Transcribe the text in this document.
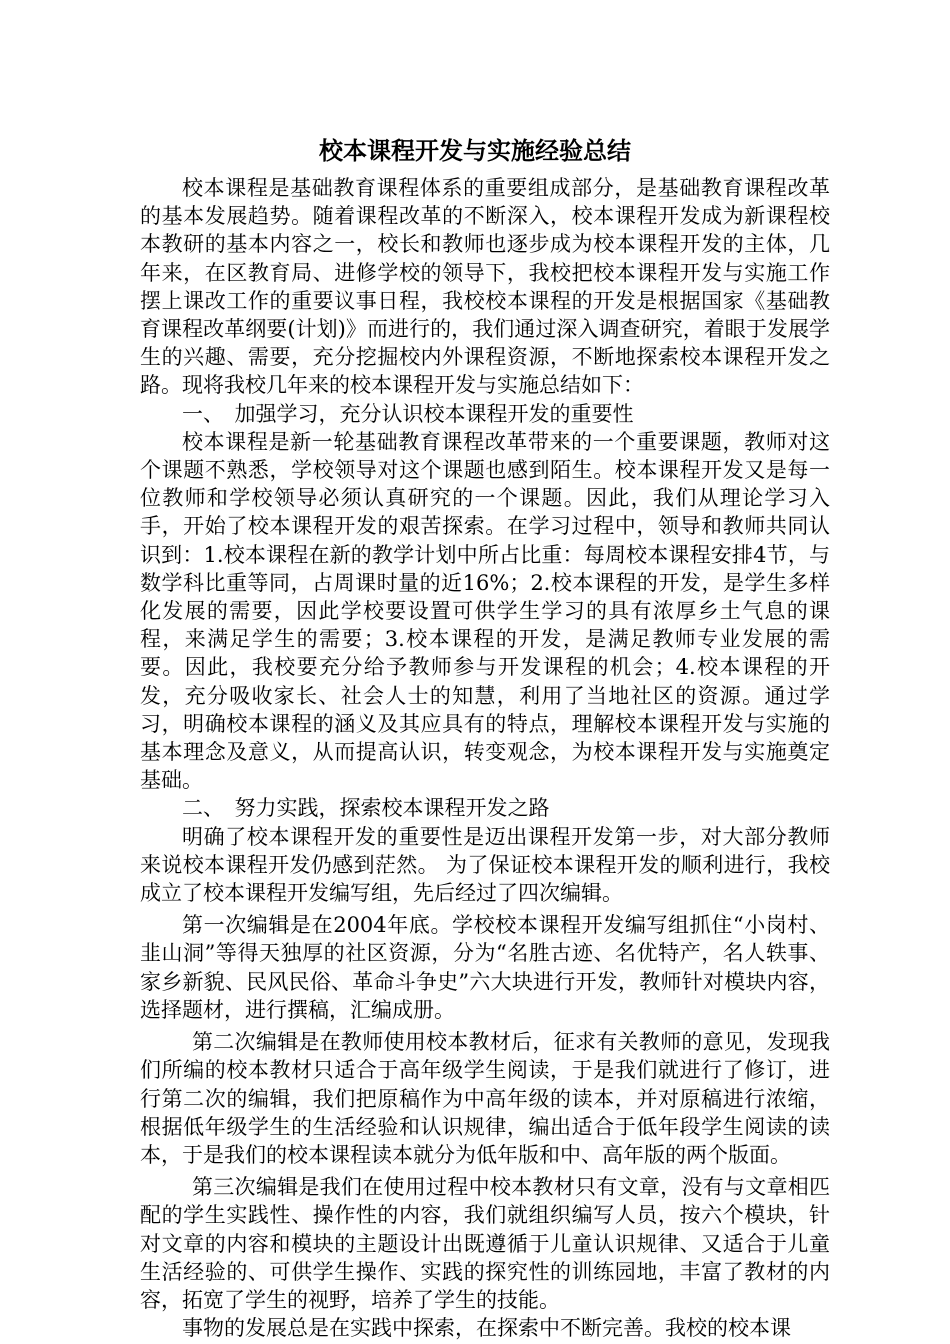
校本课程开发与实施经验总结

校本课程是基础教育课程体系的重要组成部分，是基础教育课程改革的基本发展趋势。随着课程改革的不断深入，校本课程开发成为新课程校本教研的基本内容之一，校长和教师也逐步成为校本课程开发的主体，几年来，在区教育局、进修学校的领导下，我校把校本课程开发与实施工作摆上课改工作的重要议事日程，我校校本课程的开发是根据国家《基础教育课程改革纲要(计划)》而进行的，我们通过深入调查研究，着眼于发展学生的兴趣、需要，充分挖掘校内外课程资源，不断地探索校本课程开发之路。现将我校几年来的校本课程开发与实施总结如下：

一、　加强学习，充分认识校本课程开发的重要性

校本课程是新一轮基础教育课程改革带来的一个重要课题，教师对这个课题不熟悉，学校领导对这个课题也感到陌生。校本课程开发又是每一位教师和学校领导必须认真研究的一个课题。因此，我们从理论学习入手，开始了校本课程开发的艰苦探索。在学习过程中，领导和教师共同认识到：1.校本课程在新的教学计划中所占比重：每周校本课程安排4节，与数学科比重等同，占周课时量的近16%；2.校本课程的开发，是学生多样化发展的需要，因此学校要设置可供学生学习的具有浓厚乡土气息的课程，来满足学生的需要；3.校本课程的开发，是满足教师专业发展的需要。因此，我校要充分给予教师参与开发课程的机会；4.校本课程的开发，充分吸收家长、社会人士的知慧，利用了当地社区的资源。通过学习，明确校本课程的涵义及其应具有的特点，理解校本课程开发与实施的基本理念及意义，从而提高认识，转变观念，为校本课程开发与实施奠定基础。

二、　努力实践，探索校本课程开发之路

明确了校本课程开发的重要性是迈出课程开发第一步，对大部分教师来说校本课程开发仍感到茫然。 为了保证校本课程开发的顺利进行，我校成立了校本课程开发编写组，先后经过了四次编辑。

第一次编辑是在2004年底。学校校本课程开发编写组抓住“小岗村、韭山洞”等得天独厚的社区资源，分为“名胜古迹、名优特产，名人轶事、家乡新貌、民风民俗、革命斗争史”六大块进行开发，教师针对模块内容，选择题材，进行撰稿，汇编成册。

第二次编辑是在教师使用校本教材后，征求有关教师的意见，发现我们所编的校本教材只适合于高年级学生阅读，于是我们就进行了修订，进行第二次的编辑，我们把原稿作为中高年级的读本，并对原稿进行浓缩，根据低年级学生的生活经验和认识规律，编出适合于低年段学生阅读的读本，于是我们的校本课程读本就分为低年版和中、高年版的两个版面。

第三次编辑是我们在使用过程中校本教材只有文章，没有与文章相匹配的学生实践性、操作性的内容，我们就组织编写人员，按六个模块，针对文章的内容和模块的主题设计出既遵循于儿童认识规律、又适合于儿童生活经验的、可供学生操作、实践的探究性的训练园地，丰富了教材的内容，拓宽了学生的视野，培养了学生的技能。

事物的发展总是在实践中探索，在探索中不断完善。我校的校本课
